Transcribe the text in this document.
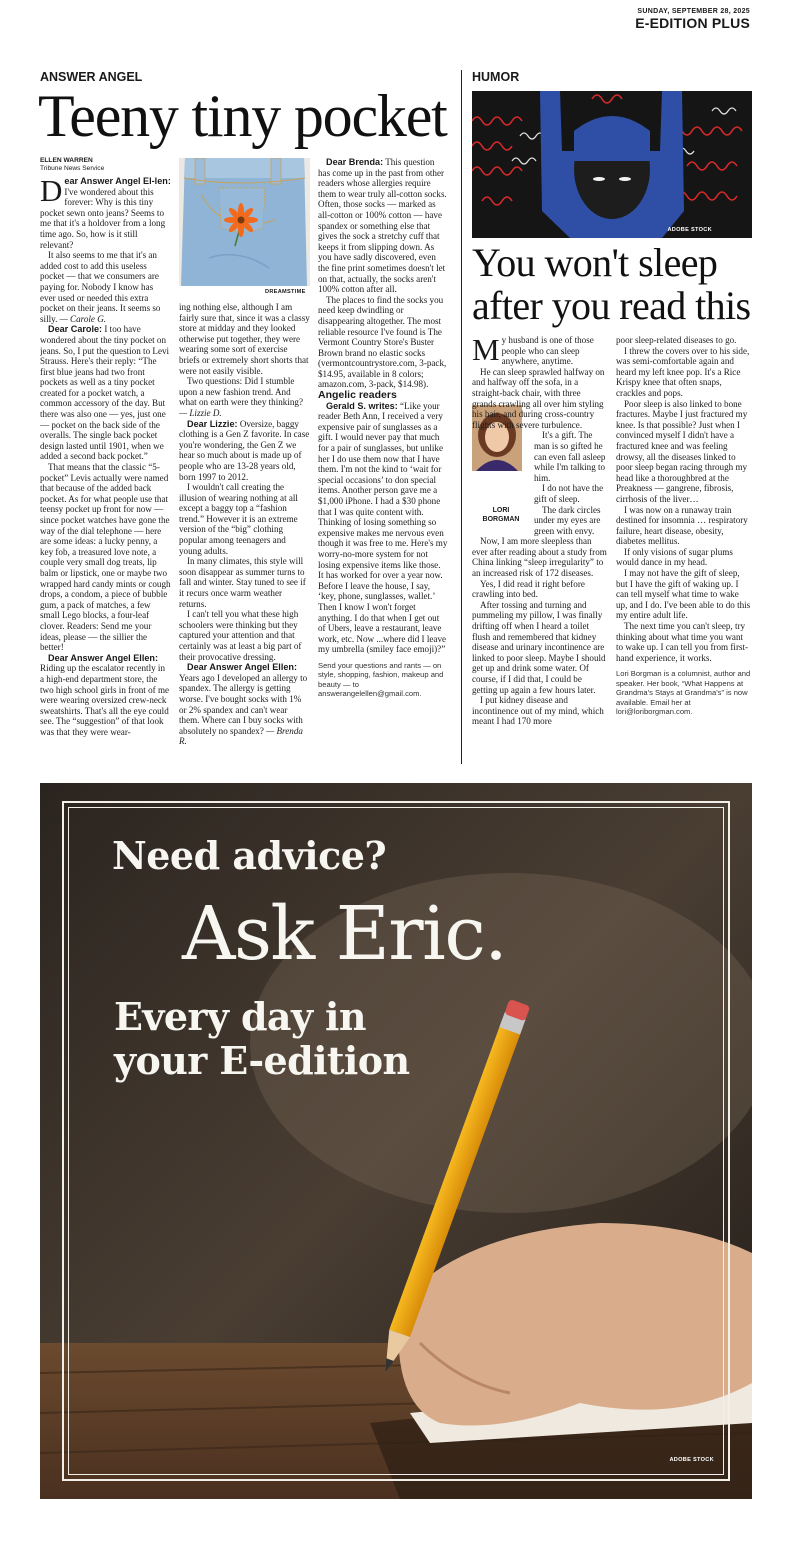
SUNDAY, SEPTEMBER 28, 2025
E-EDITION PLUS
ANSWER ANGEL
Teeny tiny pocket
ELLEN WARREN
Tribune News Service
DREAMSTIME

Dear Answer Angel El-len: I've wondered about this forever: Why is this tiny pocket sewn onto jeans? Seems to me that it's a holdover from a long time ago. So, how is it still relevant?

It also seems to me that it's an added cost to add this useless pocket — that we consumers are paying for. Nobody I know has ever used or needed this extra pocket on their jeans. It seems so silly. — Carole G.

Dear Carole: I too have wondered about the tiny pocket on jeans. So, I put the question to Levi Strauss. Here's their reply: “The first blue jeans had two front pockets as well as a tiny pocket created for a pocket watch, a common accessory of the day. But there was also one — yes, just one — pocket on the back side of the overalls. The single back pocket design lasted until 1901, when we added a second back pocket.”

That means that the classic “5-pocket” Levis actually were named that because of the added back pocket. As for what people use that teensy pocket up front for now — since pocket watches have gone the way of the dial telephone — here are some ideas: a lucky penny, a key fob, a treasured love note, a couple very small dog treats, lip balm or lipstick, one or maybe two wrapped hard candy mints or cough drops, a condom, a piece of bubble gum, a pack of matches, a few small Lego blocks, a four-leaf clover. Readers: Send me your ideas, please — the sillier the better!

Dear Answer Angel Ellen: Riding up the escalator recently in a high-end department store, the two high school girls in front of me were wearing oversized crew-neck sweatshirts. That's all the eye could see. The “suggestion” of that look was that they were wear-

ing nothing else, although I am fairly sure that, since it was a classy store at midday and they looked otherwise put together, they were wearing some sort of exercise briefs or extremely short shorts that were not easily visible.

Two questions: Did I stumble upon a new fashion trend. And what on earth were they thinking? — Lizzie D.

Dear Lizzie: Oversize, baggy clothing is a Gen Z favorite. In case you're wondering, the Gen Z we hear so much about is made up of people who are 13-28 years old, born 1997 to 2012.

I wouldn't call creating the illusion of wearing nothing at all except a baggy top a “fashion trend.” However it is an extreme version of the “big” clothing popular among teenagers and young adults.

In many climates, this style will soon disappear as summer turns to fall and winter. Stay tuned to see if it recurs once warm weather returns.

I can't tell you what these high schoolers were thinking but they captured your attention and that certainly was at least a big part of their provocative dressing.

Dear Answer Angel Ellen: Years ago I developed an allergy to spandex. The allergy is getting worse. I've bought socks with 1% or 2% spandex and can't wear them. Where can I buy socks with absolutely no spandex? — Brenda R.

Dear Brenda: This question has come up in the past from other readers whose allergies require them to wear truly all-cotton socks. Often, those socks — marked as all-cotton or 100% cotton — have spandex or something else that gives the sock a stretchy cuff that keeps it from slipping down. As you have sadly discovered, even the fine print sometimes doesn't let on that, actually, the socks aren't 100% cotton after all.

The places to find the socks you need keep dwindling or disappearing altogether. The most reliable resource I've found is The Vermont Country Store's Buster Brown brand no elastic socks (vermontcountrystore.com, 3-pack, $14.95, available in 8 colors; amazon.com, 3-pack, $14.98).

Angelic readers

Gerald S. writes: “Like your reader Beth Ann, I received a very expensive pair of sunglasses as a gift. I would never pay that much for a pair of sunglasses, but unlike her I do use them now that I have them. I'm not the kind to ‘wait for special occasions’ to don special items. Another person gave me a $1,000 iPhone. I had a $30 phone that I was quite content with. Thinking of losing something so expensive makes me nervous even though it was free to me. Here's my worry-no-more system for not losing expensive items like those. It has worked for over a year now. Before I leave the house, I say, ‘key, phone, sunglasses, wallet.’ Then I know I won't forget anything. I do that when I get out of Ubers, leave a restaurant, leave work, etc. Now ...where did I leave my umbrella (smiley face emoji)?”

Send your questions and rants — on style, shopping, fashion, makeup and beauty — to answerangelellen@gmail.com.
HUMOR
ADOBE STOCK
You won't sleep
after you read this

My husband is one of those people who can sleep anywhere, anytime.

He can sleep sprawled halfway on and halfway off the sofa, in a straight-back chair, with three grands crawling all over him styling his hair, and during cross-country flights with severe turbulence.

LORI
BORGMAN

It's a gift. The man is so gifted he can even fall asleep while I'm talking to him.

I do not have the gift of sleep.

The dark circles under my eyes are green with envy.

Now, I am more sleepless than ever after reading about a study from China linking “sleep irregularity” to an increased risk of 172 diseases.

Yes, I did read it right before crawling into bed.

After tossing and turning and pummeling my pillow, I was finally drifting off when I heard a toilet flush and remembered that kidney disease and urinary incontinence are linked to poor sleep. Maybe I should get up and drink some water. Of course, if I did that, I could be getting up again a few hours later.

I put kidney disease and incontinence out of my mind, which meant I had 170 more

poor sleep-related diseases to go.

I threw the covers over to his side, was semi-comfortable again and heard my left knee pop. It's a Rice Krispy knee that often snaps, crackles and pops.

Poor sleep is also linked to bone fractures. Maybe I just fractured my knee. Is that possible? Just when I convinced myself I didn't have a fractured knee and was feeling drowsy, all the diseases linked to poor sleep began racing through my head like a thoroughbred at the Preakness — gangrene, fibrosis, cirrhosis of the liver…

I was now on a runaway train destined for insomnia … respiratory failure, heart disease, obesity, diabetes mellitus.

If only visions of sugar plums would dance in my head.

I may not have the gift of sleep, but I have the gift of waking up. I can tell myself what time to wake up, and I do. I've been able to do this my entire adult life.

The next time you can't sleep, try thinking about what time you want to wake up. I can tell you from first-hand experience, it works.

Lori Borgman is a columnist, author and speaker. Her book, “What Happens at Grandma's Stays at Grandma's” is now available. Email her at lori@loriborgman.com.
Need advice?
Ask Eric.
Every day in
your E-edition
ADOBE STOCK
